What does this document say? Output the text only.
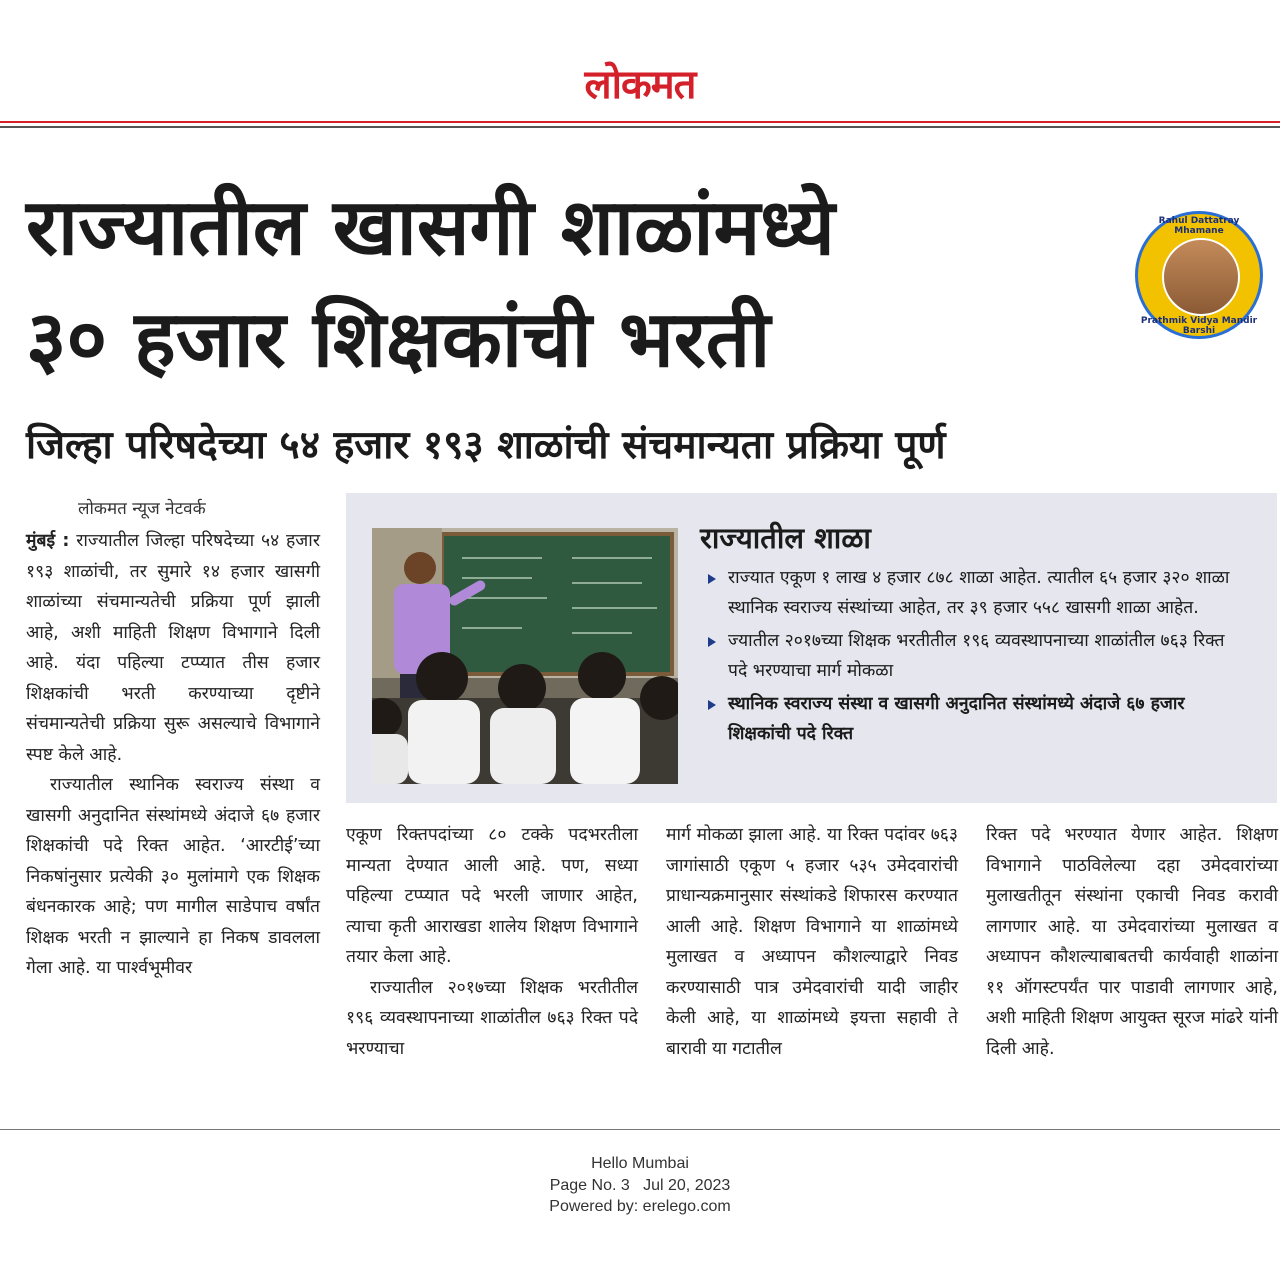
लोकमत
राज्यातील खासगी शाळांमध्ये
३० हजार शिक्षकांची भरती
Rahul Dattatray Mhamane
Prathmik Vidya Mandir Barshi
जिल्हा परिषदेच्या ५४ हजार १९३ शाळांची संचमान्यता प्रक्रिया पूर्ण
लोकमत न्यूज नेटवर्क

मुंबई : राज्यातील जिल्हा परिषदेच्या ५४ हजार १९३ शाळांची, तर सुमारे १४ हजार खासगी शाळांच्या संचमान्यतेची प्रक्रिया पूर्ण झाली आहे, अशी माहिती शिक्षण विभागाने दिली आहे. यंदा पहिल्या टप्प्यात तीस हजार शिक्षकांची भरती करण्याच्या दृष्टीने संचमान्यतेची प्रक्रिया सुरू असल्याचे विभागाने स्पष्ट केले आहे.

राज्यातील स्थानिक स्वराज्य संस्था व खासगी अनुदानित संस्थांमध्ये अंदाजे ६७ हजार शिक्षकांची पदे रिक्त आहेत. ‘आरटीई’च्या निकषांनुसार प्रत्येकी ३० मुलांमागे एक शिक्षक बंधनकारक आहे; पण मागील साडेपाच वर्षांत शिक्षक भरती न झाल्याने हा निकष डावलला गेला आहे. या पार्श्वभूमीवर

राज्यातील शाळा
राज्यात एकूण १ लाख ४ हजार ८७८ शाळा आहेत. त्यातील ६५ हजार ३२० शाळा स्थानिक स्वराज्य संस्थांच्या आहेत, तर ३९ हजार ५५८ खासगी शाळा आहेत.
ज्यातील २०१७च्या शिक्षक भरतीतील १९६ व्यवस्थापनाच्या शाळांतील ७६३ रिक्त पदे भरण्याचा मार्ग मोकळा
स्थानिक स्वराज्य संस्था व खासगी अनुदानित संस्थांमध्ये अंदाजे ६७ हजार शिक्षकांची पदे रिक्त

एकूण रिक्तपदांच्या ८० टक्के पदभरतीला मान्यता देण्यात आली आहे. पण, सध्या पहिल्या टप्प्यात पदे भरली जाणार आहेत, त्याचा कृती आराखडा शालेय शिक्षण विभागाने तयार केला आहे.

राज्यातील २०१७च्या शिक्षक भरतीतील १९६ व्यवस्थापनाच्या शाळांतील ७६३ रिक्त पदे भरण्याचा

मार्ग मोकळा झाला आहे. या रिक्त पदांवर ७६३ जागांसाठी एकूण ५ हजार ५३५ उमेदवारांची प्राधान्यक्रमानुसार संस्थांकडे शिफारस करण्यात आली आहे. शिक्षण विभागाने या शाळांमध्ये मुलाखत व अध्यापन कौशल्याद्वारे निवड करण्यासाठी पात्र उमेदवारांची यादी जाहीर केली आहे, या शाळांमध्ये इयत्ता सहावी ते बारावी या गटातील

रिक्त पदे भरण्यात येणार आहेत. शिक्षण विभागाने पाठविलेल्या दहा उमेदवारांच्या मुलाखतीतून संस्थांना एकाची निवड करावी लागणार आहे. या उमेदवारांच्या मुलाखत व अध्यापन कौशल्याबाबतची कार्यवाही शाळांना ११ ऑगस्टपर्यंत पार पाडावी लागणार आहे, अशी माहिती शिक्षण आयुक्त सूरज मांढरे यांनी दिली आहे.

Hello Mumbai
Page No. 3 Jul 20, 2023
Powered by: erelego.com
